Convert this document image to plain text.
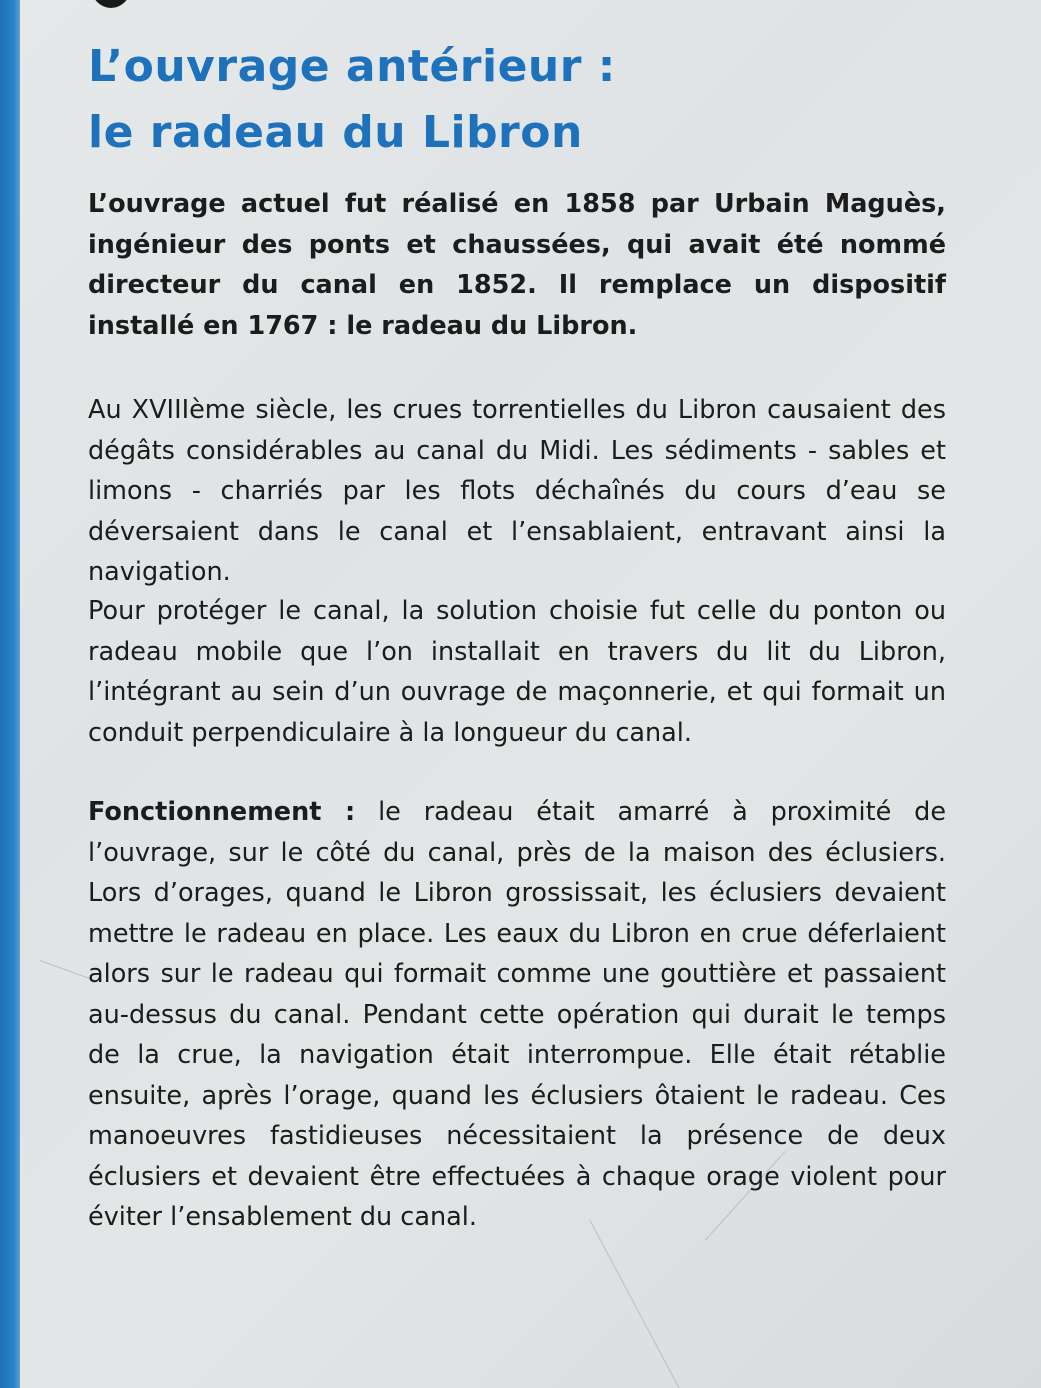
L’ouvrage antérieur :
le radeau du Libron

L’ouvrage actuel fut réalisé en 1858 par Urbain Maguès, ingénieur des ponts et chaussées, qui avait été nommé directeur du canal en 1852. Il remplace un dispositif installé en 1767 : le radeau du Libron.

Au XVIIIème siècle, les crues torrentielles du Libron causaient des dégâts considérables au canal du Midi. Les sédiments - sables et limons - charriés par les flots déchaînés du cours d’eau se déversaient dans le canal et l’ensablaient, entravant ainsi la navigation.

Pour protéger le canal, la solution choisie fut celle du ponton ou radeau mobile que l’on installait en travers du lit du Libron, l’intégrant au sein d’un ouvrage de maçonnerie, et qui formait un conduit perpendiculaire à la longueur du canal.

Fonctionnement : le radeau était amarré à proximité de l’ouvrage, sur le côté du canal, près de la maison des éclusiers. Lors d’orages, quand le Libron grossissait, les éclusiers devaient mettre le radeau en place. Les eaux du Libron en crue déferlaient alors sur le radeau qui formait comme une gouttière et passaient au-dessus du canal. Pendant cette opération qui durait le temps de la crue, la navigation était interrompue. Elle était rétablie ensuite, après l’orage, quand les éclusiers ôtaient le radeau. Ces manoeuvres fastidieuses nécessitaient la présence de deux éclusiers et devaient être effectuées à chaque orage violent pour éviter l’ensablement du canal.
